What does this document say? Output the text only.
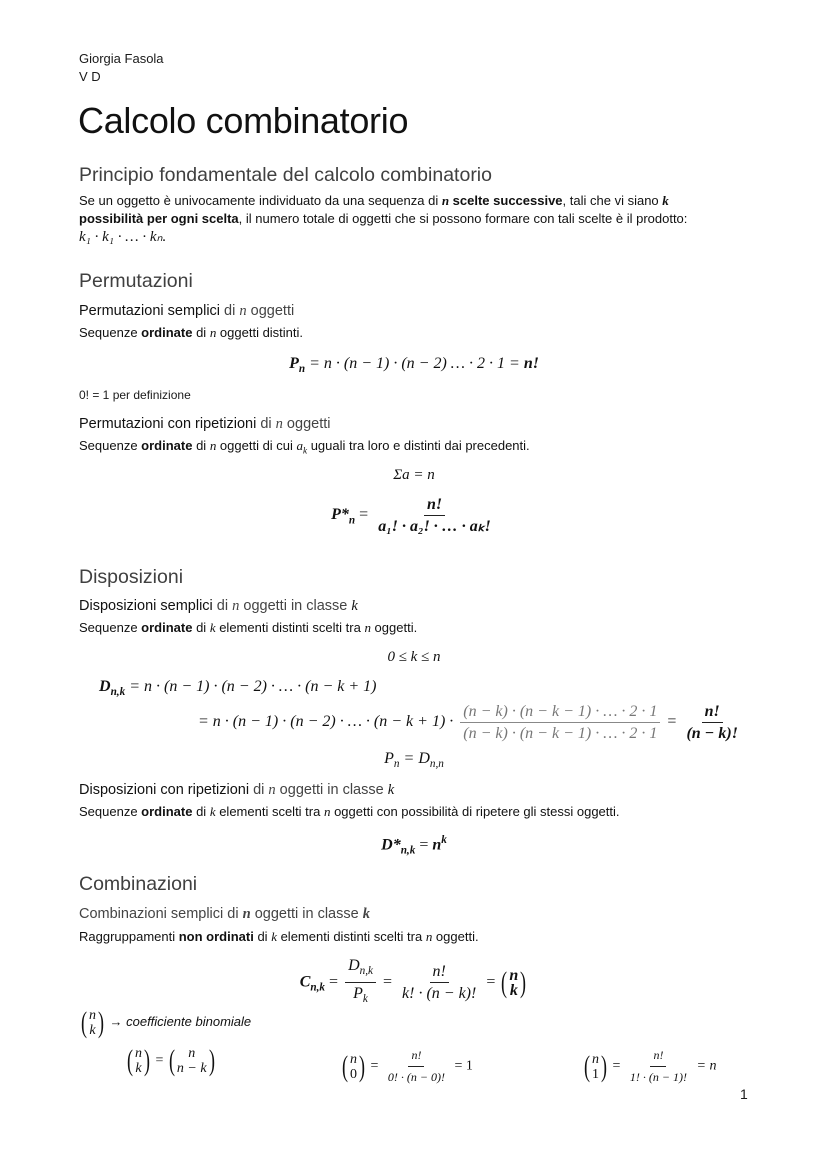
Giorgia Fasola
V D
Calcolo combinatorio
Principio fondamentale del calcolo combinatorio
Se un oggetto è univocamente individuato da una sequenza di n scelte successive, tali che vi siano k
possibilità per ogni scelta, il numero totale di oggetti che si possono formare con tali scelte è il prodotto:
k₁ · k₁ · … · kₙ.
Permutazioni
Permutazioni semplici di n oggetti
Sequenze ordinate di n oggetti distinti.
$P_n = n \cdot (n - 1) \cdot (n - 2)$ … · 2 · 1 = n!
0! = 1 per definizione
Permutazioni con ripetizioni di n oggetti
Sequenze ordinate di n oggetti di cui $a_k$ uguali tra loro e distinti dai precedenti.
Σa = n
$P*_n = \frac{n!}{\text{a₁! · a₂! · … · aₖ!}}$
Disposizioni
Disposizioni semplici di n oggetti in classe k
Sequenze ordinate di k elementi distinti scelti tra n oggetti.
0 ≤ k ≤ n
$D_{n,k} = n \cdot (n - 1) \cdot (n - 2)$ · … · (n − k + 1)
= n · (n − 1) · (n − 2) · … · $(n - k + 1) \cdot \frac{(n - k) \cdot (n - k - 1) \cdot \dots \cdot 2 \cdot 1}{(n - k) \cdot (n - k - 1) \cdot \dots \cdot 2 \cdot 1} = \frac{n!}{(n - k)!}$
$P_n = D_{n,n}$
Disposizioni con ripetizioni di n oggetti in classe k
Sequenze ordinate di k elementi scelti tra n oggetti con possibilità di ripetere gli stessi oggetti.
$D*_{n,k} = n^k$
Combinazioni
Combinazioni semplici di n oggetti in classe k
Raggruppamenti non ordinati di k elementi distinti scelti tra n oggetti.
$C_{n,k} = \frac{D_{n,k}}{P_k} = \frac{n!}{k! \cdot (n - k)!}$ = ( n
k )
( n
k ) → coefficiente binomiale
( n
k ) = ( n
n − k )	( n
0 ) = $\frac{n!}{0! \cdot (n - 0)!} = 1$	( n
1 ) = $\frac{n!}{1! \cdot (n - 1)!} = n$
1
